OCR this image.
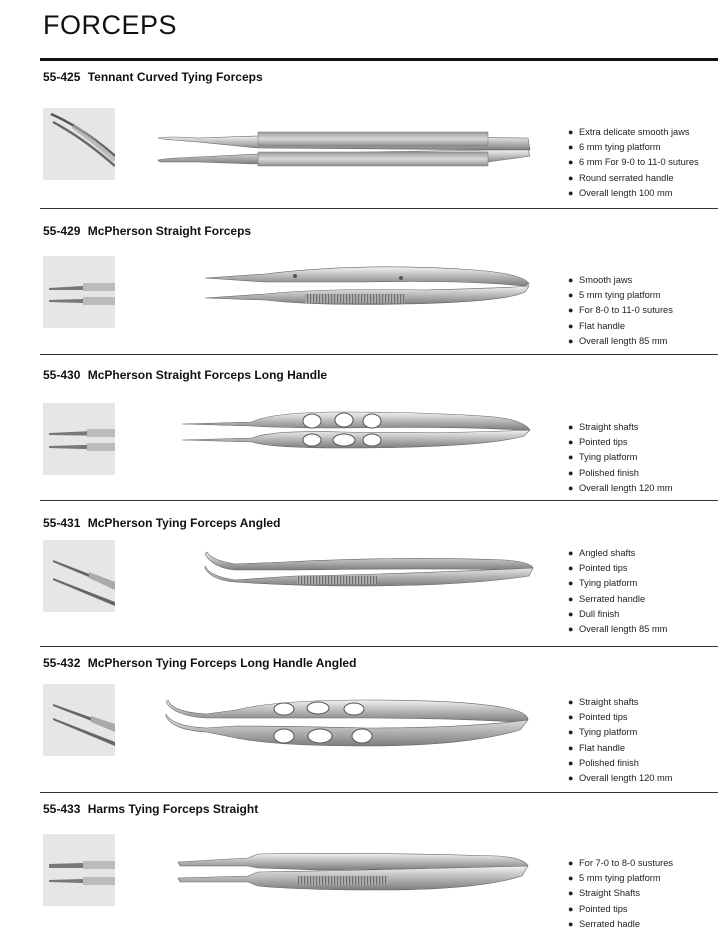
FORCEPS
55-425 Tennant Curved Tying Forceps
● Extra delicate smooth jaws
● 6 mm tying platform
● 6 mm For 9-0 to 11-0 sutures
● Round serrated handle
● Overall length 100 mm
55-429 McPherson Straight Forceps
● Smooth jaws
● 5 mm tying platform
● For 8-0 to 11-0 sutures
● Flat handle
● Overall length 85 mm
55-430 McPherson Straight Forceps Long Handle
● Straight shafts
● Pointed tips
● Tying platform
● Polished finish
● Overall length 120 mm
55-431 McPherson Tying Forceps Angled
● Angled shafts
● Pointed tips
● Tying platform
● Serrated handle
● Dull finish
● Overall length 85 mm
55-432 McPherson Tying Forceps Long Handle Angled
● Straight shafts
● Pointed tips
● Tying platform
● Flat handle
● Polished finish
● Overall length 120 mm
55-433 Harms Tying Forceps Straight
● For 7-0 to 8-0 sustures
● 5 mm tying platform
● Straight Shafts
● Pointed tips
● Serrated hadle
